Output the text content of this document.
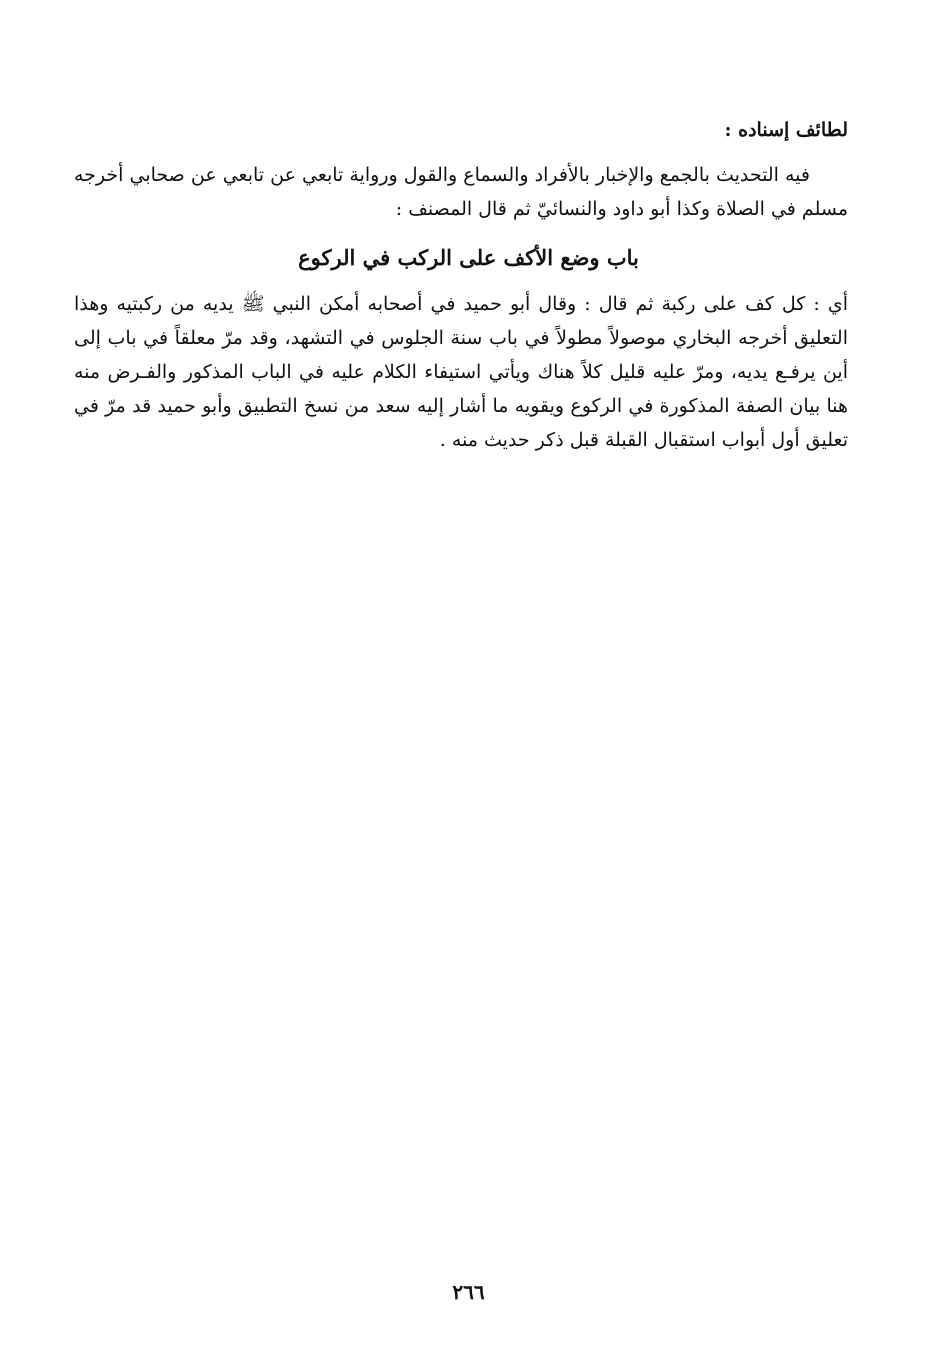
لطائف إسناده :
فيه التحديث بالجمع والإخبار بالأفراد والسماع والقول ورواية تابعي عن تابعي عن صحابي أخرجه مسلم في الصلاة وكذا أبو داود والنسائيّ ثم قال المصنف :
باب وضع الأكف على الركب في الركوع
أي : كل كف على ركبة ثم قال : وقال أبو حميد في أصحابه أمكن النبي ﷺ يديه من ركبتيه وهذا التعليق أخرجه البخاري موصولاً مطولاً في باب سنة الجلوس في التشهد، وقد مرّ معلقاً في باب إلى أين يرفـع يديه، ومرّ عليه قليل كلاً هناك ويأتي استيفاء الكلام عليه في الباب المذكور والفـرض منه هنا بيان الصفة المذكورة في الركوع ويقويه ما أشار إليه سعد من نسخ التطبيق وأبو حميد قد مرّ في تعليق أول أبواب استقبال القبلة قبل ذكر حديث منه .
٢٦٦
